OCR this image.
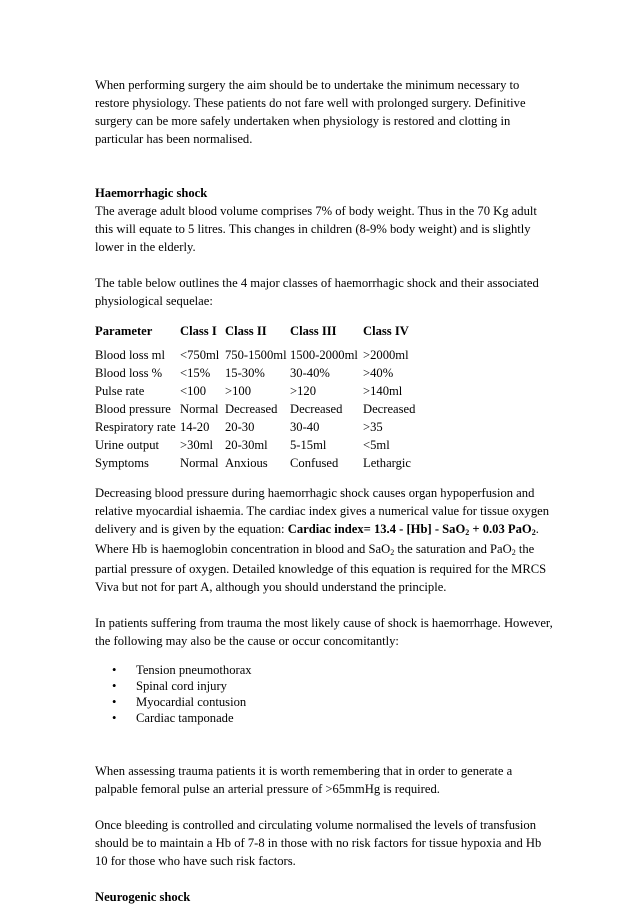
When performing surgery the aim should be to undertake the minimum necessary to restore physiology. These patients do not fare well with prolonged surgery. Definitive surgery can be more safely undertaken when physiology is restored and clotting in particular has been normalised.

Haemorrhagic shock

The average adult blood volume comprises 7% of body weight. Thus in the 70 Kg adult this will equate to 5 litres. This changes in children (8-9% body weight) and is slightly lower in the elderly.

The table below outlines the 4 major classes of haemorrhagic shock and their associated physiological sequelae:

Parameter	Class I	Class II	Class III	Class IV
Blood loss ml	<750ml	750-1500ml	1500-2000ml	>2000ml
Blood loss %	<15%	15-30%	30-40%	>40%
Pulse rate	<100	>100	>120	>140ml
Blood pressure	Normal	Decreased	Decreased	Decreased
Respiratory rate	14-20	20-30	30-40	>35
Urine output	>30ml	20-30ml	5-15ml	<5ml
Symptoms	Normal	Anxious	Confused	Lethargic

Decreasing blood pressure during haemorrhagic shock causes organ hypoperfusion and relative myocardial ishaemia. The cardiac index gives a numerical value for tissue oxygen delivery and is given by the equation: Cardiac index= 13.4 - [Hb] - SaO$_2$ + 0.03 PaO$_2$. Where Hb is haemoglobin concentration in blood and SaO$_2$ the saturation and PaO$_2$ the partial pressure of oxygen. Detailed knowledge of this equation is required for the MRCS Viva but not for part A, although you should understand the principle.

In patients suffering from trauma the most likely cause of shock is haemorrhage. However, the following may also be the cause or occur concomitantly:

• Tension pneumothorax
• Spinal cord injury
• Myocardial contusion
• Cardiac tamponade

When assessing trauma patients it is worth remembering that in order to generate a palpable femoral pulse an arterial pressure of >65mmHg is required.

Once bleeding is controlled and circulating volume normalised the levels of transfusion should be to maintain a Hb of 7-8 in those with no risk factors for tissue hypoxia and Hb 10 for those who have such risk factors.

Neurogenic shock
